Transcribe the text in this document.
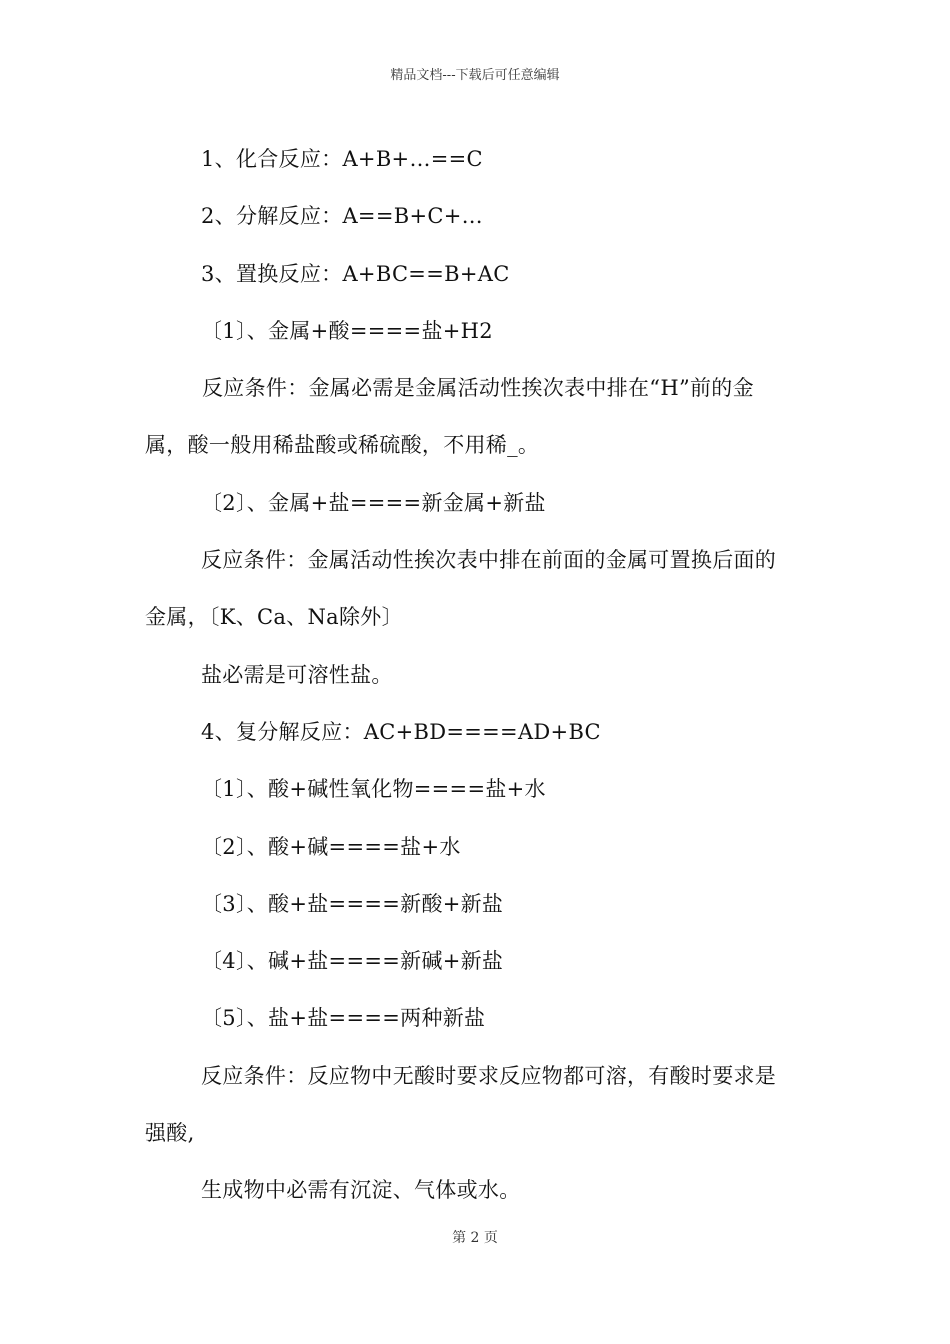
精品文档---下载后可任意编辑
1、化合反应：A+B+…==C
2、分解反应：A==B+C+…
3、置换反应：A+BC==B+AC
〔1〕、金属+酸====盐+H2
反应条件：金属必需是金属活动性挨次表中排在“H”前的金
属，酸一般用稀盐酸或稀硫酸，不用稀_。
〔2〕、金属+盐====新金属+新盐
反应条件：金属活动性挨次表中排在前面的金属可置换后面的
金属，〔K、Ca、Na除外〕
盐必需是可溶性盐。
4、复分解反应：AC+BD====AD+BC
〔1〕、酸+碱性氧化物====盐+水
〔2〕、酸+碱====盐+水
〔3〕、酸+盐====新酸+新盐
〔4〕、碱+盐====新碱+新盐
〔5〕、盐+盐====两种新盐
反应条件：反应物中无酸时要求反应物都可溶，有酸时要求是
强酸,
生成物中必需有沉淀、气体或水。
第 2 页
